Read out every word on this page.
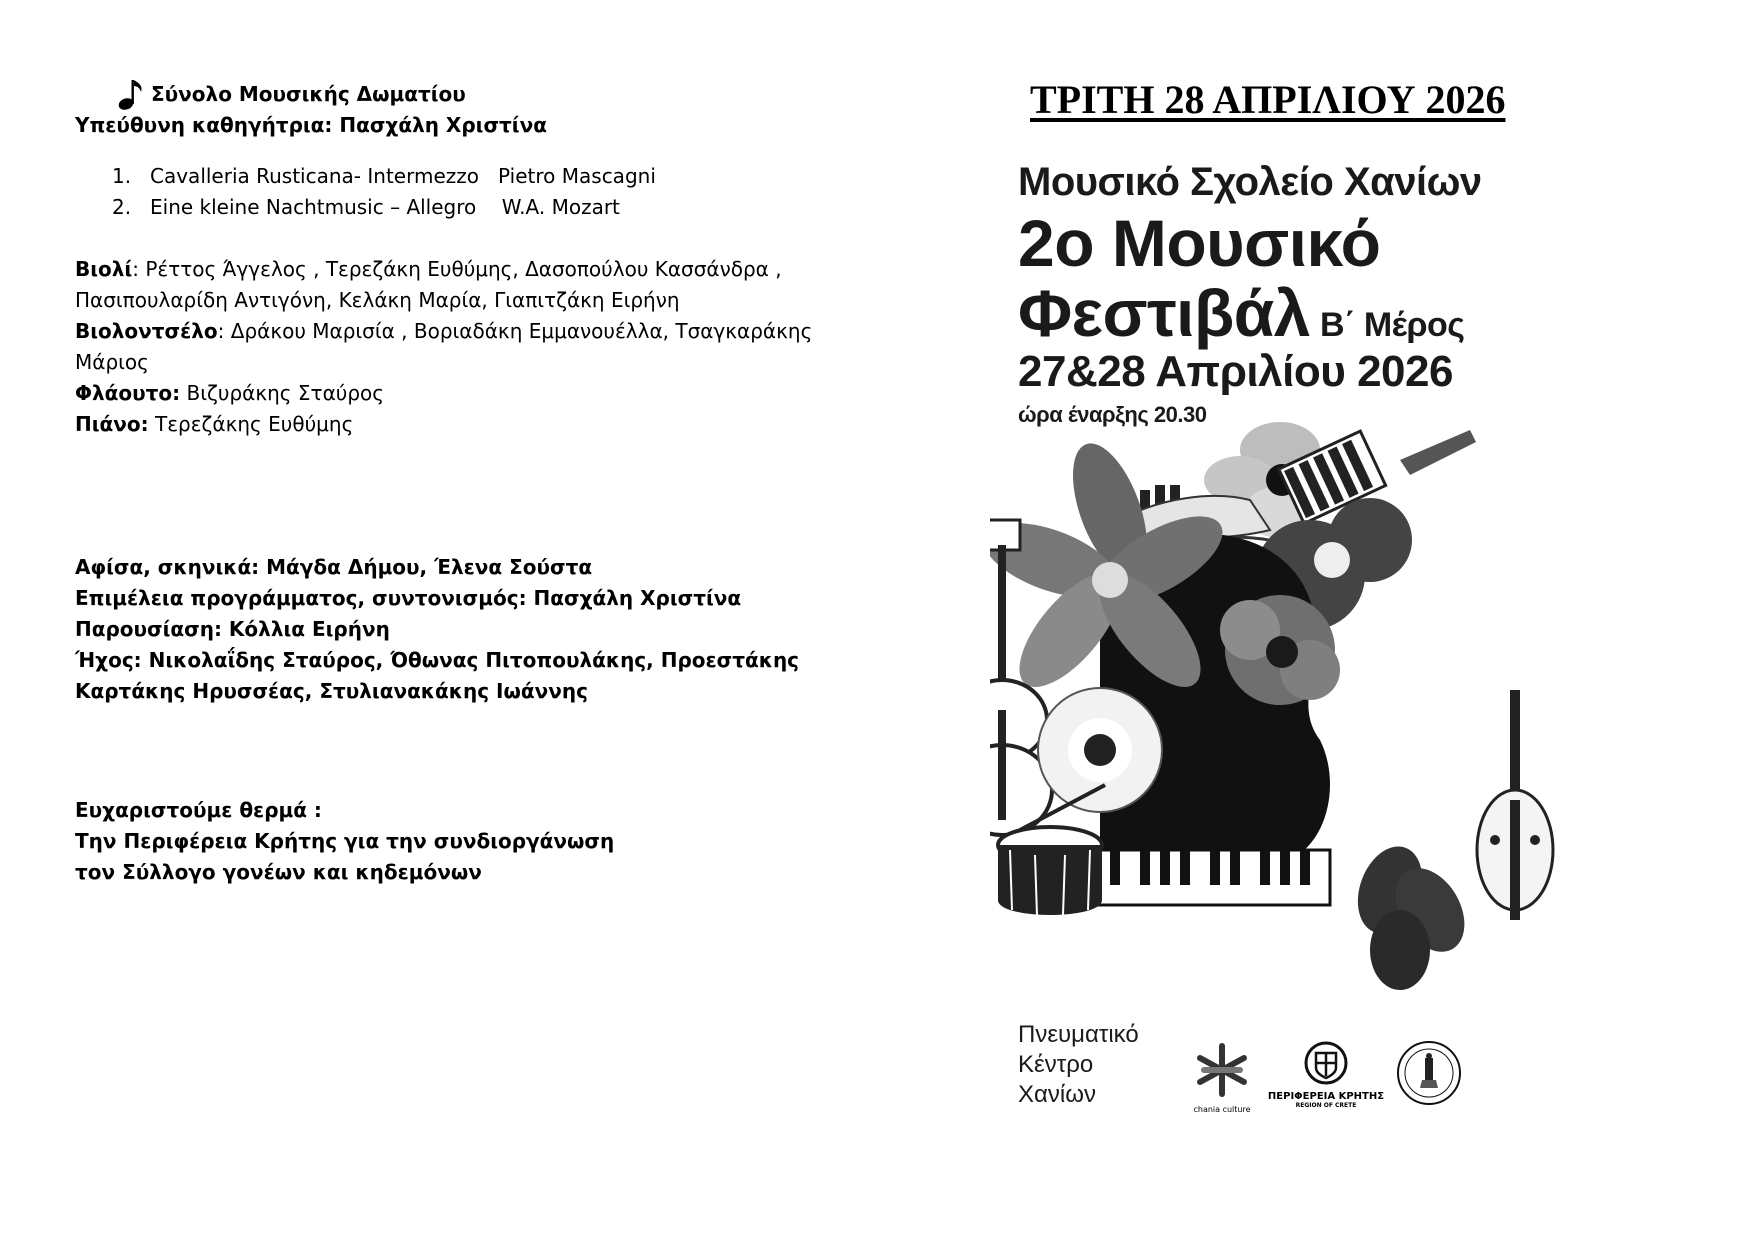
Σύνολο Μουσικής Δωματίου
Υπεύθυνη καθηγήτρια: Πασχάλη Χριστίνα
1. Cavalleria Rusticana- Intermezzo   Pietro Mascagni

2. Eine kleine Nachtmusic – Allegro    W.A. Mozart

Βιολί: Ρέττος Άγγελος , Τερεζάκη Ευθύμης, Δασοπούλου Κασσάνδρα ,
Πασιπουλαρίδη Αντιγόνη, Κελάκη Μαρία, Γιαπιτζάκη Ειρήνη
Βιολοντσέλο: Δράκου Μαρισία , Βοριαδάκη Εμμανουέλλα, Τσαγκαράκης
Μάριος
Φλάουτο: Βιζυράκης Σταύρος
Πιάνο: Τερεζάκης Ευθύμης
Αφίσα, σκηνικά: Μάγδα Δήμου, Έλενα Σούστα
Επιμέλεια προγράμματος, συντονισμός: Πασχάλη Χριστίνα
Παρουσίαση: Κόλλια Ειρήνη
Ήχος: Νικολαΐδης Σταύρος, Όθωνας Πιτοπουλάκης, Προεστάκης
Καρτάκης Ηρυσσέας, Στυλιανακάκης Ιωάννης
Ευχαριστούμε θερμά :
Την Περιφέρεια Κρήτης για την συνδιοργάνωση
τον Σύλλογο γονέων και κηδεμόνων
ΤΡΙΤΗ 28 ΑΠΡΙΛΙΟΥ 2026
Μουσικό Σχολείο Χανίων
2ο Μουσικό
Φεστιβάλ Β΄ Μέρος
27&28 Απριλίου 2026
ώρα έναρξης 20.30
Πνευματικό
Κέντρο
Χανίων
chania culture
ΠΕΡΙΦΕΡΕΙΑ ΚΡΗΤΗΣ
REGION OF CRETE
